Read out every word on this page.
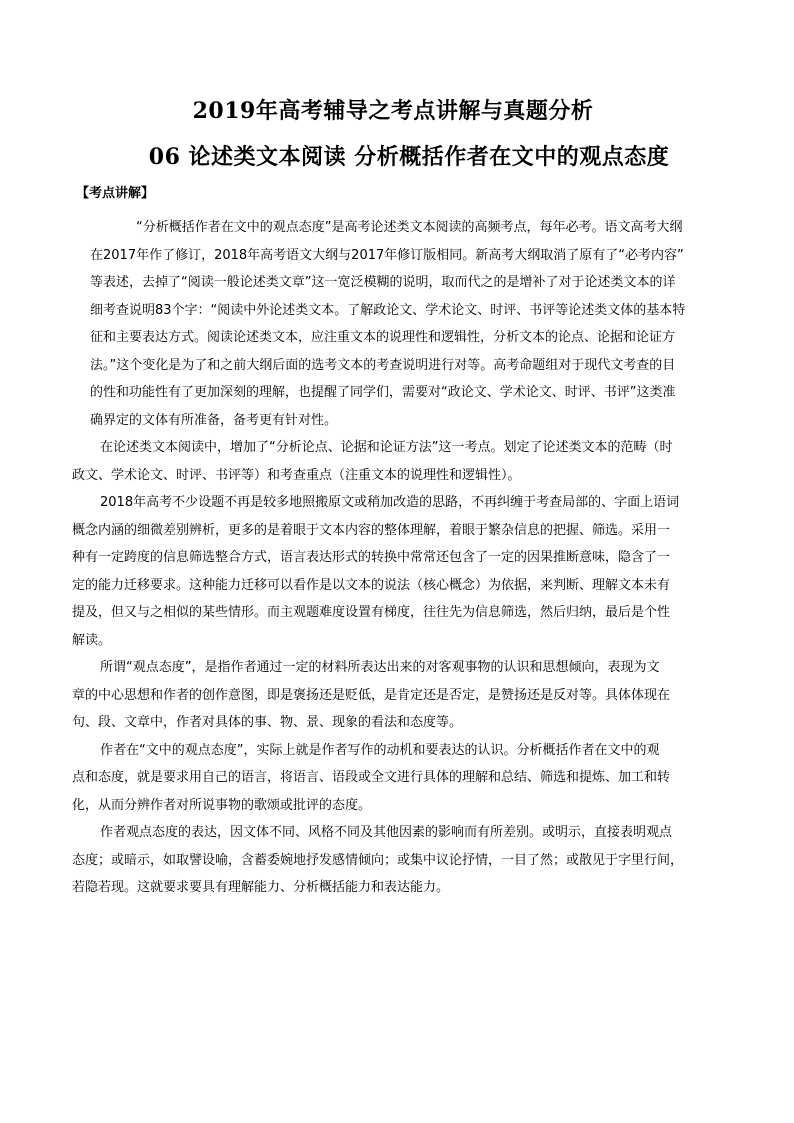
2019年高考辅导之考点讲解与真题分析
06 论述类文本阅读 分析概括作者在文中的观点态度
【考点讲解】

“分析概括作者在文中的观点态度”是高考论述类文本阅读的高频考点，每年必考。语文高考大纲
在2017年作了修订，2018年高考语文大纲与2017年修订版相同。新高考大纲取消了原有了“必考内容”
等表述，去掉了“阅读一般论述类文章”这一宽泛模糊的说明，取而代之的是增补了对于论述类文本的详
细考查说明83个字：“阅读中外论述类文本。了解政论文、学术论文、时评、书评等论述类文体的基本特
征和主要表达方式。阅读论述类文本，应注重文本的说理性和逻辑性，分析文本的论点、论据和论证方
法。”这个变化是为了和之前大纲后面的选考文本的考查说明进行对等。高考命题组对于现代文考查的目
的性和功能性有了更加深刻的理解，也提醒了同学们，需要对“政论文、学术论文、时评、书评”这类准
确界定的文体有所准备，备考更有针对性。

在论述类文本阅读中，增加了“分析论点、论据和论证方法”这一考点。划定了论述类文本的范畴（时
政文、学术论文、时评、书评等）和考查重点（注重文本的说理性和逻辑性）。

2018年高考不少设题不再是较多地照搬原文或稍加改造的思路，不再纠缠于考查局部的、字面上语词
概念内涵的细微差别辨析，更多的是着眼于文本内容的整体理解，着眼于繁杂信息的把握、筛选。采用一
种有一定跨度的信息筛选整合方式，语言表达形式的转换中常常还包含了一定的因果推断意味，隐含了一
定的能力迁移要求。这种能力迁移可以看作是以文本的说法（核心概念）为依据，来判断、理解文本未有
提及，但又与之相似的某些情形。而主观题难度设置有梯度，往往先为信息筛选，然后归纳，最后是个性
解读。

所谓“观点态度”，是指作者通过一定的材料所表达出来的对客观事物的认识和思想倾向，表现为文
章的中心思想和作者的创作意图，即是褒扬还是贬低，是肯定还是否定，是赞扬还是反对等。具体体现在
句、段、文章中，作者对具体的事、物、景、现象的看法和态度等。

作者在“文中的观点态度”，实际上就是作者写作的动机和要表达的认识。分析概括作者在文中的观
点和态度，就是要求用自己的语言，将语言、语段或全文进行具体的理解和总结、筛选和提炼、加工和转
化，从而分辨作者对所说事物的歌颂或批评的态度。

作者观点态度的表达，因文体不同、风格不同及其他因素的影响而有所差别。或明示，直接表明观点
态度；或暗示，如取譬设喻，含蓄委婉地抒发感情倾向；或集中议论抒情，一目了然；或散见于字里行间，
若隐若现。这就要求要具有理解能力、分析概括能力和表达能力。
